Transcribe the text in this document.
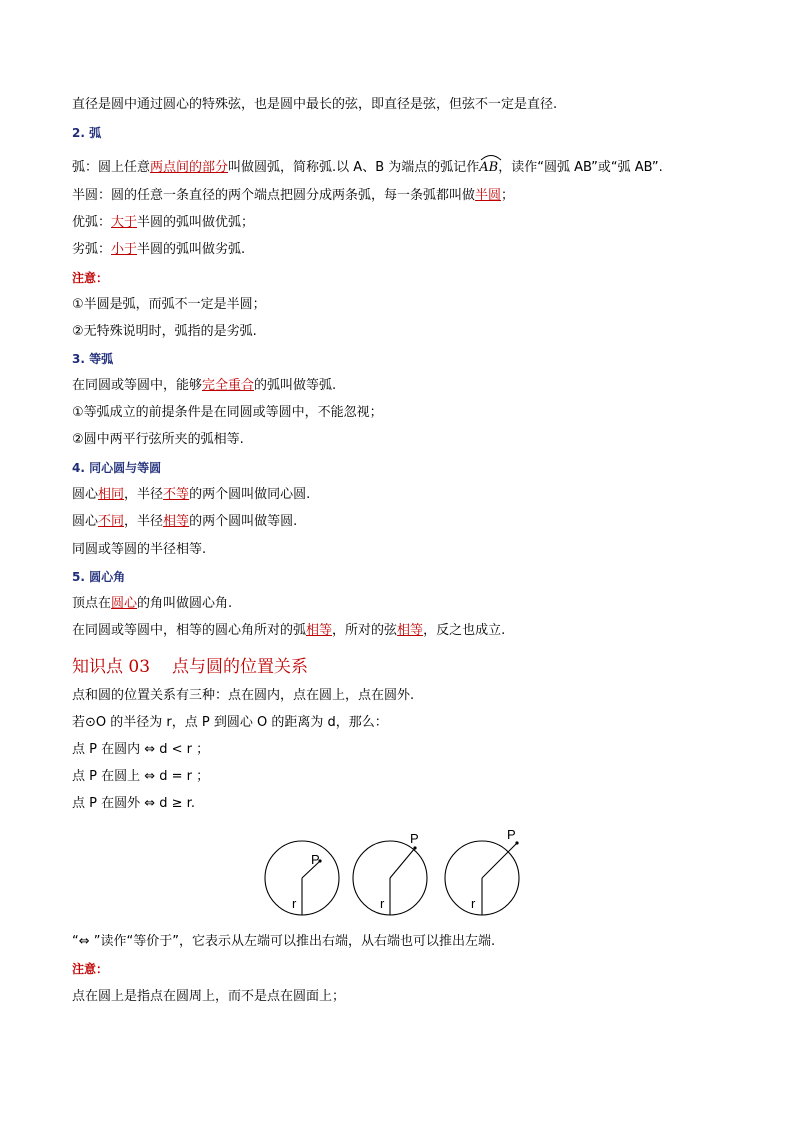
直径是圆中通过圆心的特殊弦，也是圆中最长的弦，即直径是弦，但弦不一定是直径.
2. 弧
弧：圆上任意两点间的部分叫做圆弧，简称弧.以 A、B 为端点的弧记作
AB，读作“圆弧 AB”或“弧 AB”.
半圆：圆的任意一条直径的两个端点把圆分成两条弧，每一条弧都叫做半圆；
优弧：大于半圆的弧叫做优弧；
劣弧：小于半圆的弧叫做劣弧.
注意：
①半圆是弧，而弧不一定是半圆；
②无特殊说明时，弧指的是劣弧.
3. 等弧
在同圆或等圆中，能够完全重合的弧叫做等弧.
①等弧成立的前提条件是在同圆或等圆中，不能忽视；
②圆中两平行弦所夹的弧相等.
4. 同心圆与等圆
圆心相同，半径不等的两个圆叫做同心圆.
圆心不同，半径相等的两个圆叫做等圆.
同圆或等圆的半径相等.
5. 圆心角
顶点在圆心的角叫做圆心角.
在同圆或等圆中，相等的圆心角所对的弧相等，所对的弦相等，反之也成立.
知识点 03 点与圆的位置关系
点和圆的位置关系有三种：点在圆内，点在圆上，点在圆外.
若⊙O 的半径为 r，点 P 到圆心 O 的距离为 d，那么：
点 P 在圆内 ⇔ d < r ；
点 P 在圆上 ⇔ d = r ；
点 P 在圆外 ⇔ d ≥ r.
P
r
P
r
P
r
“⇔ ”读作“等价于”，它表示从左端可以推出右端，从右端也可以推出左端.
注意：
点在圆上是指点在圆周上，而不是点在圆面上；
